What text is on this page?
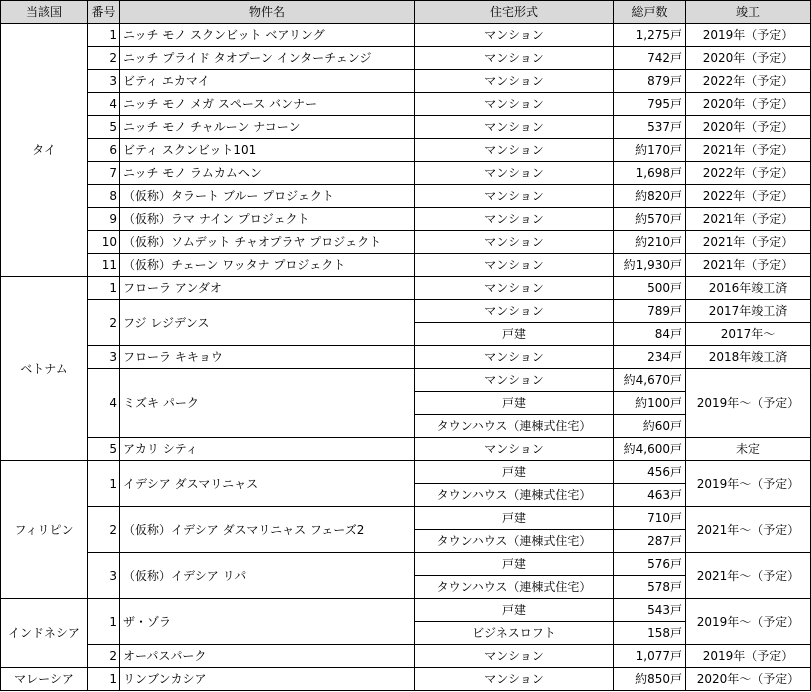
当該国	番号	物件名	住宅形式	総戸数	竣工
タイ	1	ニッチ モノ スクンビット ベアリング	マンション	1,275戸	2019年（予定）
	2	ニッチ プライド タオプーン インターチェンジ	マンション	742戸	2020年（予定）
	3	ビティ エカマイ	マンション	879戸	2022年（予定）
	4	ニッチ モノ メガ スペース バンナー	マンション	795戸	2020年（予定）
	5	ニッチ モノ チャルーン ナコーン	マンション	537戸	2020年（予定）
	6	ビティ スクンビット101	マンション	約170戸	2021年（予定）
	7	ニッチ モノ ラムカムヘン	マンション	1,698戸	2022年（予定）
	8	（仮称）タラート ブルー プロジェクト	マンション	約820戸	2022年（予定）
	9	（仮称）ラマ ナイン プロジェクト	マンション	約570戸	2021年（予定）
	10	（仮称）ソムデット チャオプラヤ プロジェクト	マンション	約210戸	2021年（予定）
	11	（仮称）チェーン ワッタナ プロジェクト	マンション	約1,930戸	2021年（予定）
ベトナム	1	フローラ アンダオ	マンション	500戸	2016年竣工済
	2	フジ レジデンス	マンション	789戸	2017年竣工済
			戸建	84戸	2017年～
	3	フローラ キキョウ	マンション	234戸	2018年竣工済
	4	ミズキ パーク	マンション	約4,670戸	2019年～（予定）
			戸建	約100戸	
			タウンハウス（連棟式住宅）	約60戸	
	5	アカリ シティ	マンション	約4,600戸	未定
フィリピン	1	イデシア ダスマリニャス	戸建	456戸	2019年～（予定）
			タウンハウス（連棟式住宅）	463戸	
	2	（仮称）イデシア ダスマリニャス フェーズ2	戸建	710戸	2021年～（予定）
			タウンハウス（連棟式住宅）	287戸	
	3	（仮称）イデシア リパ	戸建	576戸	2021年～（予定）
			タウンハウス（連棟式住宅）	578戸	
インドネシア	1	ザ・ゾラ	戸建	543戸	2019年～（予定）
			ビジネスロフト	158戸	
	2	オーパスパーク	マンション	1,077戸	2019年（予定）
マレーシア	1	リンブンカシア	マンション	約850戸	2020年～（予定）
